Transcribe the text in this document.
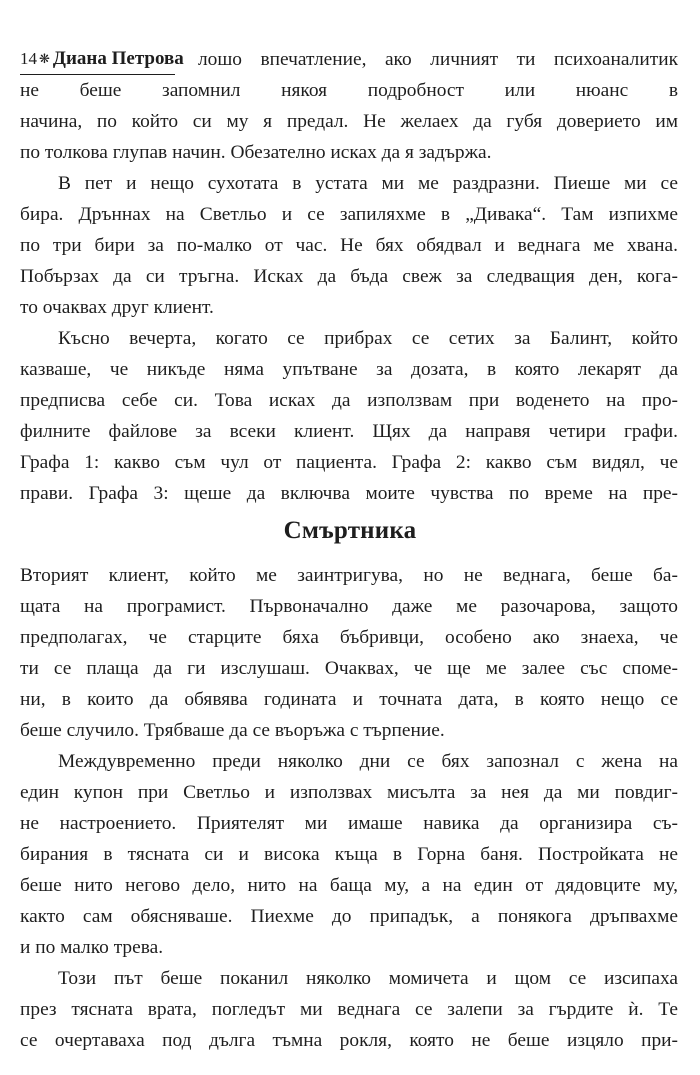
14 ❋ Диана Петрова лошо впечатление, ако личният ти психоаналитик
не беше запомнил някоя подробност или нюанс в
начина, по който си му я предал. Не желаех да губя доверието им
по толкова глупав начин. Обезателно исках да я задържа.
В пет и нещо сухотата в устата ми ме раздразни. Пиеше ми се
бира. Дръннах на Светльо и се запиляхме в „Дивака“. Там изпихме
по три бири за по-малко от час. Не бях обядвал и веднага ме хвана.
Побързах да си тръгна. Исках да бъда свеж за следващия ден, кога-
то очаквах друг клиент.
Късно вечерта, когато се прибрах се сетих за Балинт, който
казваше, че никъде няма упътване за дозата, в която лекарят да
предписва себе си. Това исках да използвам при воденето на про-
филните файлове за всеки клиент. Щях да направя четири графи.
Графа 1: какво съм чул от пациента. Графа 2: какво съм видял, че
прави. Графа 3: щеше да включва моите чувства по време на пре-
Смъртника
Вторият клиент, който ме заинтригува, но не веднага, беше ба-
щата на програмист. Първоначално даже ме разочарова, защото
предполагах, че старците бяха бъбривци, особено ако знаеха, че
ти се плаща да ги изслушаш. Очаквах, че ще ме залее със споме-
ни, в които да обявява годината и точната дата, в която нещо се
беше случило. Трябваше да се въоръжа с търпение.
Междувременно преди няколко дни се бях запознал с жена на
един купон при Светльо и използвах мисълта за нея да ми повдиг-
не настроението. Приятелят ми имаше навика да организира съ-
бирания в тясната си и висока къща в Горна баня. Постройката не
беше нито негово дело, нито на баща му, а на един от дядовците му,
както сам обясняваше. Пиехме до припадък, а понякога дръпвахме
и по малко трева.
Този път беше поканил няколко момичета и щом се изсипаха
през тясната врата, погледът ми веднага се залепи за гърдите ѝ. Те
се очертаваха под дълга тъмна рокля, която не беше изцяло при-
